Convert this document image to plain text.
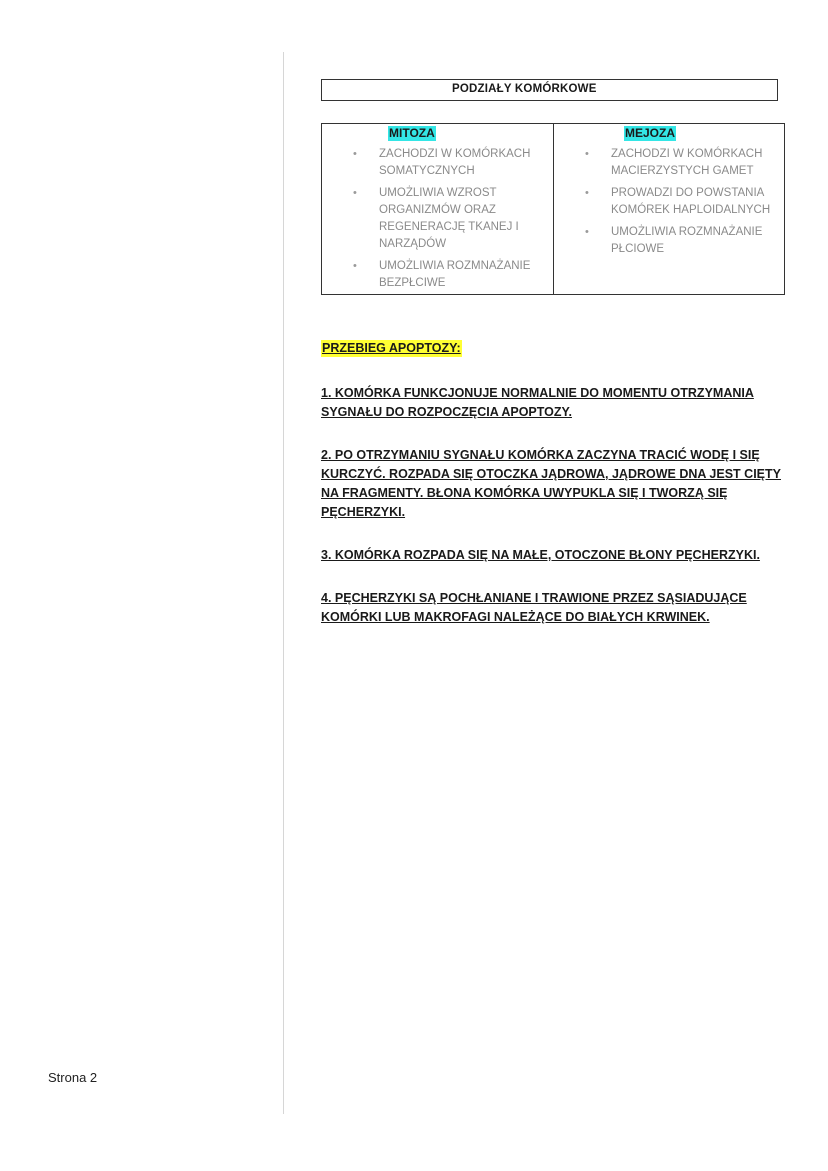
PODZIAŁY KOMÓRKOWE
MITOZA
• ZACHODZI W KOMÓRKACH SOMATYCZNYCH
• UMOŻLIWIA WZROST ORGANIZMÓW ORAZ REGENERACJĘ TKANEJ I NARZĄDÓW
• UMOŻLIWIA ROZMNAŻANIE BEZPŁCIWE
MEJOZA
• ZACHODZI W KOMÓRKACH MACIERZYSTYCH GAMET
• PROWADZI DO POWSTANIA KOMÓREK HAPLOIDALNYCH
• UMOŻLIWIA ROZMNAŻANIE PŁCIOWE
PRZEBIEG APOPTOZY:

1. KOMÓRKA FUNKCJONUJE NORMALNIE DO MOMENTU OTRZYMANIA SYGNAŁU DO ROZPOCZĘCIA APOPTOZY.

2. PO OTRZYMANIU SYGNAŁU KOMÓRKA ZACZYNA TRACIĆ WODĘ I SIĘ KURCZYĆ. ROZPADA SIĘ OTOCZKA JĄDROWA, JĄDROWE DNA JEST CIĘTY NA FRAGMENTY. BŁONA KOMÓRKA UWYPUKLA SIĘ I TWORZĄ SIĘ PĘCHERZYKI.

3. KOMÓRKA ROZPADA SIĘ NA MAŁE, OTOCZONE BŁONY PĘCHERZYKI.

4. PĘCHERZYKI SĄ POCHŁANIANE I TRAWIONE PRZEZ SĄSIADUJĄCE KOMÓRKI LUB MAKROFAGI NALEŻĄCE DO BIAŁYCH KRWINEK.

Strona 2
